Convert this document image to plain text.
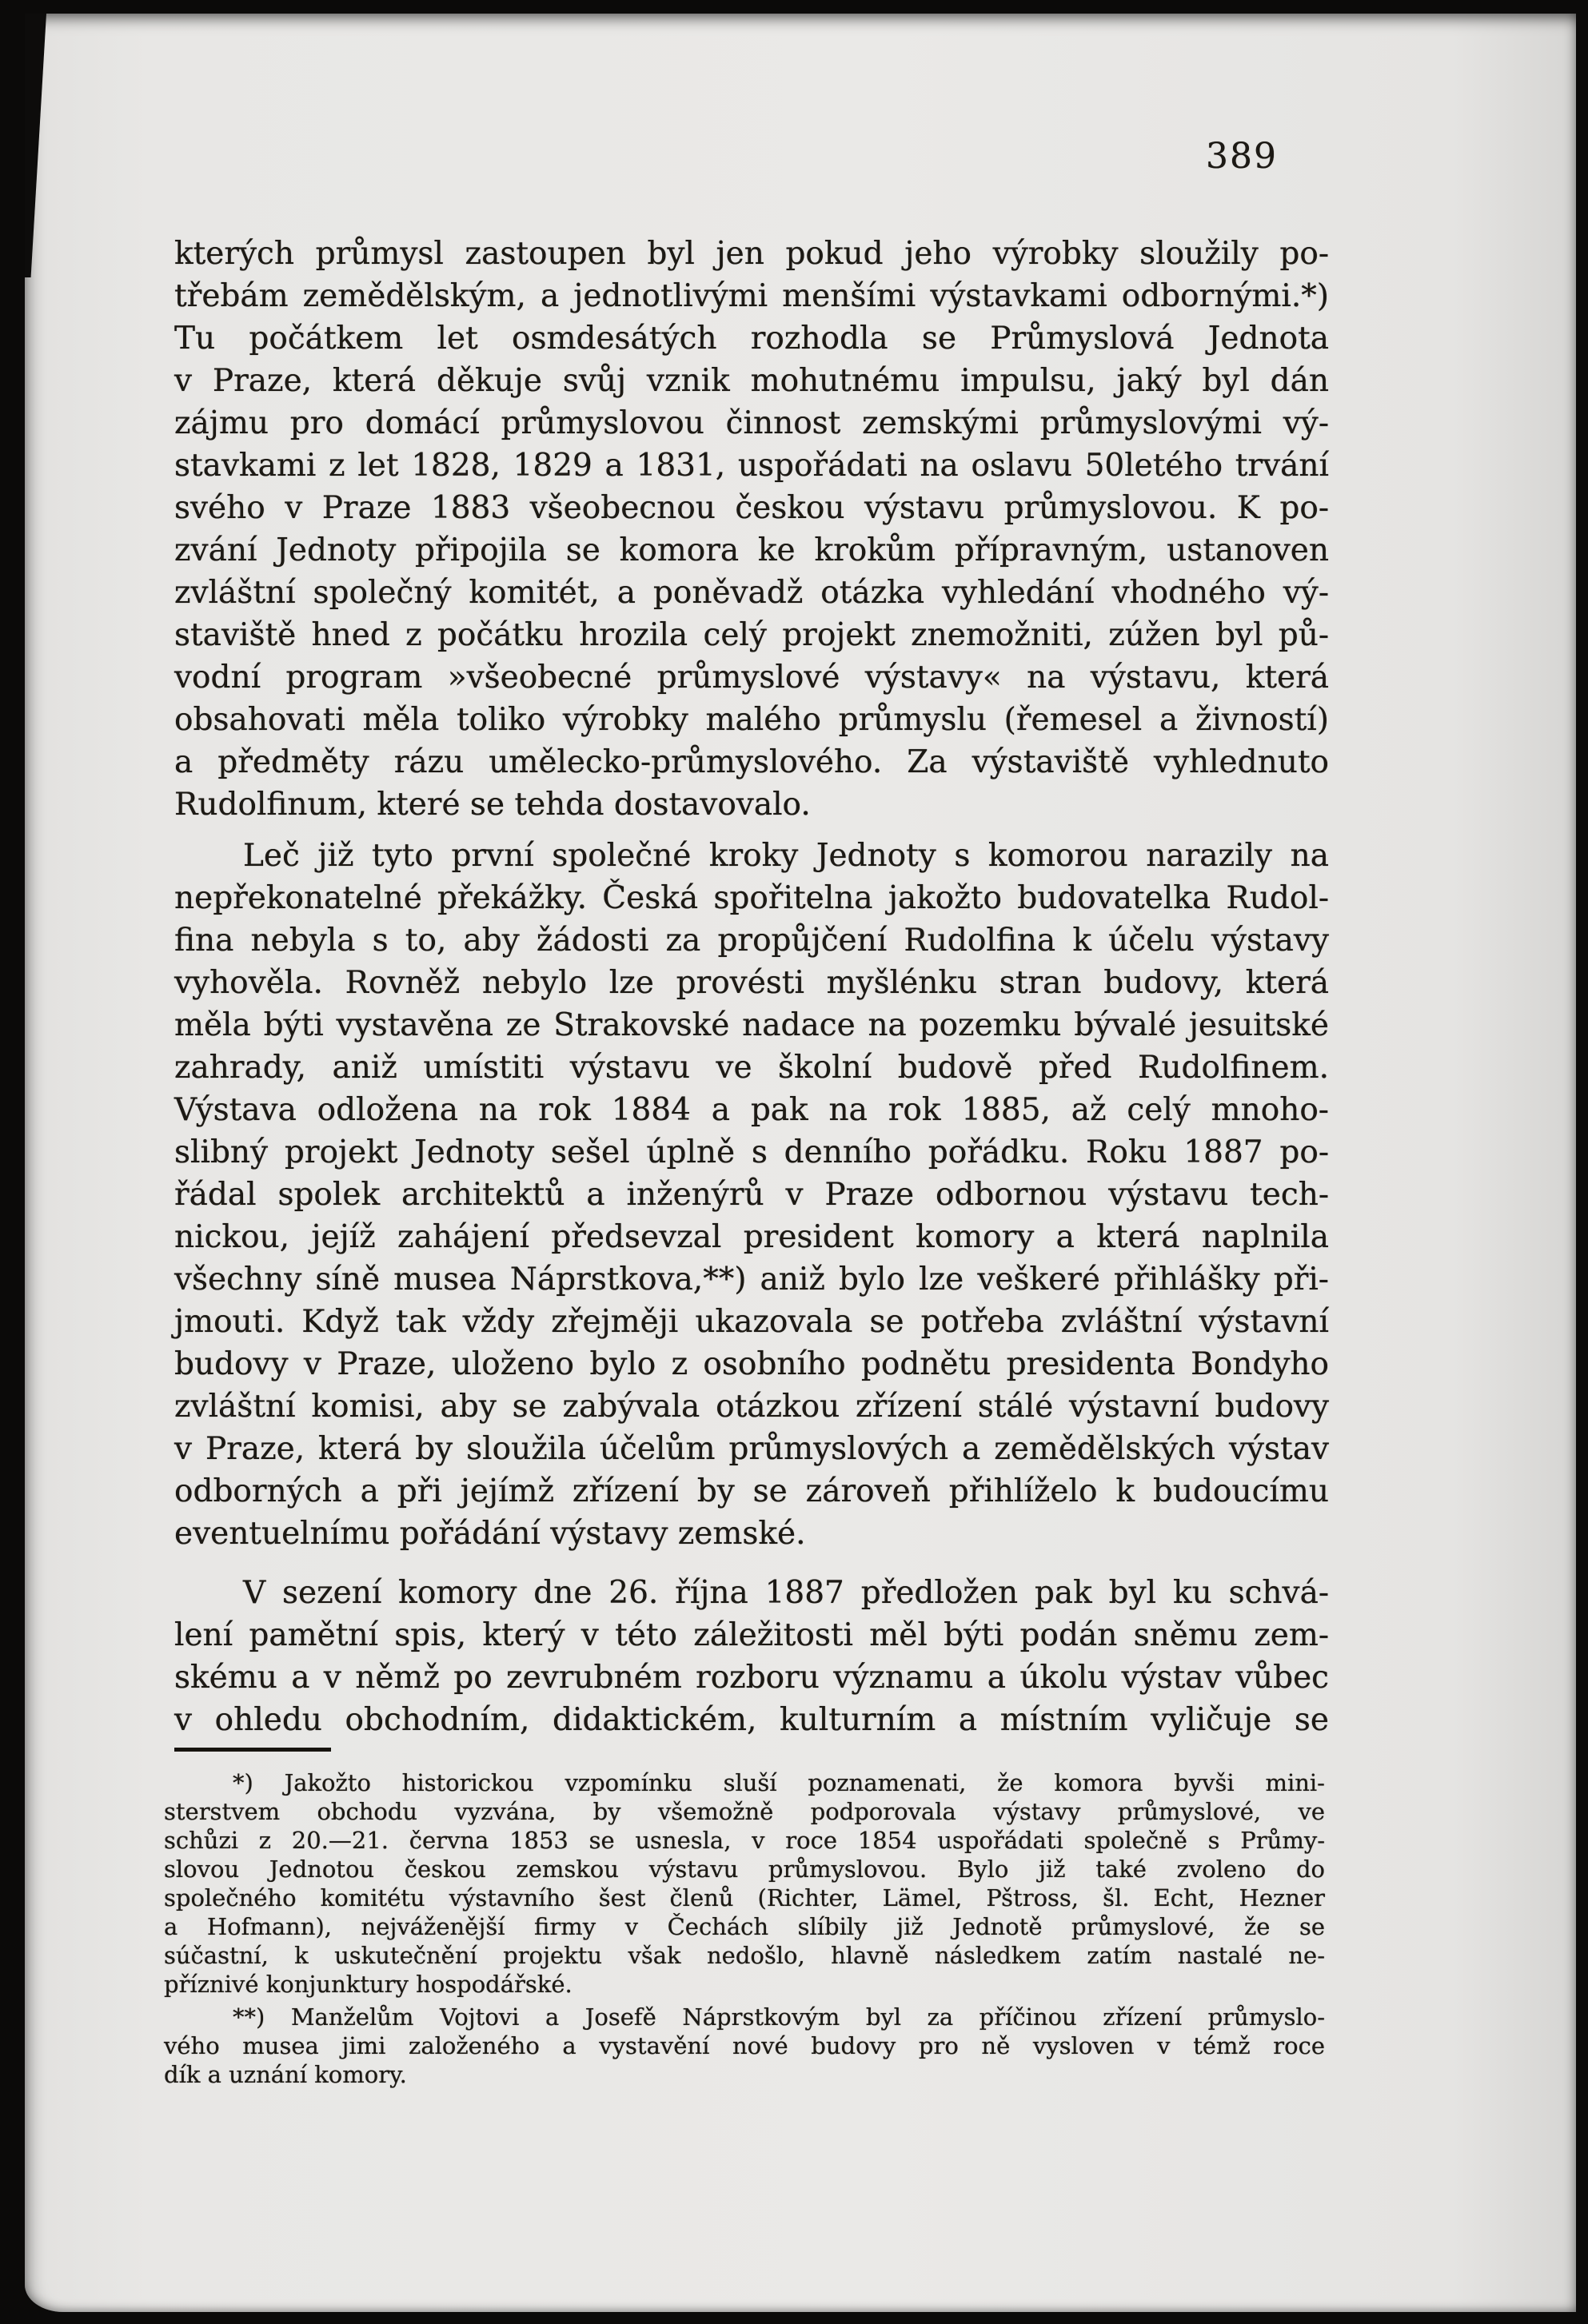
389
kterých průmysl zastoupen byl jen pokud jeho výrobky sloužily po-
třebám zemědělským, a jednotlivými menšími výstavkami odbornými.*)
Tu počátkem let osmdesátých rozhodla se Průmyslová Jednota
v Praze, která děkuje svůj vznik mohutnému impulsu, jaký byl dán
zájmu pro domácí průmyslovou činnost zemskými průmyslovými vý-
stavkami z let 1828, 1829 a 1831, uspořádati na oslavu 50letého trvání
svého v Praze 1883 všeobecnou českou výstavu průmyslovou. K po-
zvání Jednoty připojila se komora ke krokům přípravným, ustanoven
zvláštní společný komitét, a poněvadž otázka vyhledání vhodného vý-
staviště hned z počátku hrozila celý projekt znemožniti, zúžen byl pů-
vodní program »všeobecné průmyslové výstavy« na výstavu, která
obsahovati měla toliko výrobky malého průmyslu (řemesel a živností)
a předměty rázu umělecko-průmyslového. Za výstaviště vyhlednuto
Rudolfinum, které se tehda dostavovalo.
Leč již tyto první společné kroky Jednoty s komorou narazily na
nepřekonatelné překážky. Česká spořitelna jakožto budovatelka Rudol-
fina nebyla s to, aby žádosti za propůjčení Rudolfina k účelu výstavy
vyhověla. Rovněž nebylo lze provésti myšlénku stran budovy, která
měla býti vystavěna ze Strakovské nadace na pozemku bývalé jesuitské
zahrady, aniž umístiti výstavu ve školní budově před Rudolfinem.
Výstava odložena na rok 1884 a pak na rok 1885, až celý mnoho-
slibný projekt Jednoty sešel úplně s denního pořádku. Roku 1887 po-
řádal spolek architektů a inženýrů v Praze odbornou výstavu tech-
nickou, jejíž zahájení předsevzal president komory a která naplnila
všechny síně musea Náprstkova,**) aniž bylo lze veškeré přihlášky při-
jmouti. Když tak vždy zřejměji ukazovala se potřeba zvláštní výstavní
budovy v Praze, uloženo bylo z osobního podnětu presidenta Bondyho
zvláštní komisi, aby se zabývala otázkou zřízení stálé výstavní budovy
v Praze, která by sloužila účelům průmyslových a zemědělských výstav
odborných a při jejímž zřízení by se zároveň přihlíželo k budoucímu
eventuelnímu pořádání výstavy zemské.
V sezení komory dne 26. října 1887 předložen pak byl ku schvá-
lení pamětní spis, který v této záležitosti měl býti podán sněmu zem-
skému a v němž po zevrubném rozboru významu a úkolu výstav vůbec
v ohledu obchodním, didaktickém, kulturním a místním vyličuje se
*) Jakožto historickou vzpomínku sluší poznamenati, že komora byvši mini-
sterstvem obchodu vyzvána, by všemožně podporovala výstavy průmyslové, ve
schůzi z 20.—21. června 1853 se usnesla, v roce 1854 uspořádati společně s Průmy-
slovou Jednotou českou zemskou výstavu průmyslovou. Bylo již také zvoleno do
společného komitétu výstavního šest členů (Richter, Lämel, Pštross, šl. Echt, Hezner
a Hofmann), nejváženější firmy v Čechách slíbily již Jednotě průmyslové, že se
súčastní, k uskutečnění projektu však nedošlo, hlavně následkem zatím nastalé ne-
příznivé konjunktury hospodářské.
**) Manželům Vojtovi a Josefě Náprstkovým byl za příčinou zřízení průmyslo-
vého musea jimi založeného a vystavění nové budovy pro ně vysloven v témž roce
dík a uznání komory.
